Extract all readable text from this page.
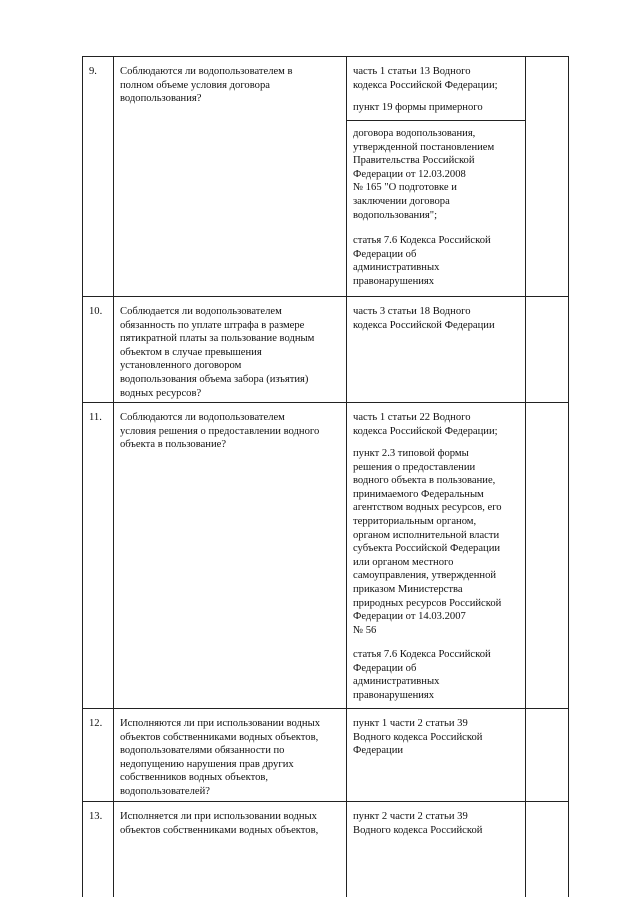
9. Соблюдаются ли водопользователем в
полном объеме условия договора
водопользования?
часть 1 статьи 13 Водного
кодекса Российской Федерации;
пункт 19 формы примерного
договора водопользования,
утвержденной постановлением
Правительства Российской
Федерации от 12.03.2008
№ 165 "О подготовке и
заключении договора
водопользования";
статья 7.6 Кодекса Российской
Федерации об
административных
правонарушениях
10. Соблюдается ли водопользователем
обязанность по уплате штрафа в размере
пятикратной платы за пользование водным
объектом в случае превышения
установленного договором
водопользования объема забора (изъятия)
водных ресурсов?
часть 3 статьи 18 Водного
кодекса Российской Федерации
11. Соблюдаются ли водопользователем
условия решения о предоставлении водного
объекта в пользование?
часть 1 статьи 22 Водного
кодекса Российской Федерации;
пункт 2.3 типовой формы
решения о предоставлении
водного объекта в пользование,
принимаемого Федеральным
агентством водных ресурсов, его
территориальным органом,
органом исполнительной власти
субъекта Российской Федерации
или органом местного
самоуправления, утвержденной
приказом Министерства
природных ресурсов Российской
Федерации от 14.03.2007
№ 56
статья 7.6 Кодекса Российской
Федерации об
административных
правонарушениях
12. Исполняются ли при использовании водных
объектов собственниками водных объектов,
водопользователями обязанности по
недопущению нарушения прав других
собственников водных объектов,
водопользователей?
пункт 1 части 2 статьи 39
Водного кодекса Российской
Федерации
13. Исполняется ли при использовании водных
объектов собственниками водных объектов,
пункт 2 части 2 статьи 39
Водного кодекса Российской
